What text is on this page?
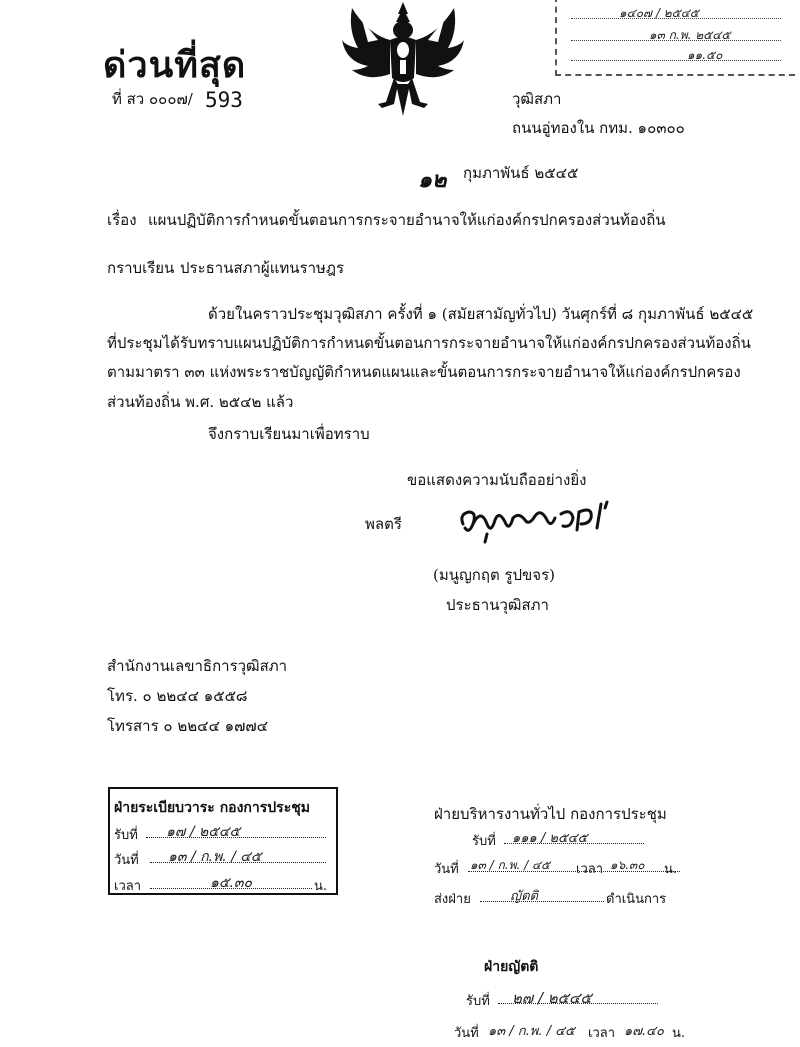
ด่วนที่สุด
๑๔๐๗ / ๒๕๔๕
๑๓ ก.พ. ๒๕๔๕
๑๑.๕๐
ที่ สว ๐๐๐๗/ 593	วุฒิสภา
ถนนอู่ทองใน กทม. ๑๐๓๐๐
๑๒ กุมภาพันธ์ ๒๕๔๕
เรื่อง แผนปฏิบัติการกำหนดขั้นตอนการกระจายอำนาจให้แก่องค์กรปกครองส่วนท้องถิ่น
กราบเรียน ประธานสภาผู้แทนราษฎร
ด้วยในคราวประชุมวุฒิสภา ครั้งที่ ๑ (สมัยสามัญทั่วไป) วันศุกร์ที่ ๘ กุมภาพันธ์ ๒๕๔๕
ที่ประชุมได้รับทราบแผนปฏิบัติการกำหนดขั้นตอนการกระจายอำนาจให้แก่องค์กรปกครองส่วนท้องถิ่น
ตามมาตรา ๓๓ แห่งพระราชบัญญัติกำหนดแผนและขั้นตอนการกระจายอำนาจให้แก่องค์กรปกครอง
ส่วนท้องถิ่น พ.ศ. ๒๕๔๒ แล้ว
จึงกราบเรียนมาเพื่อทราบ
ขอแสดงความนับถืออย่างยิ่ง
พลตรี
(มนูญกฤต รูปขจร)
ประธานวุฒิสภา
สำนักงานเลขาธิการวุฒิสภา
โทร. ๐ ๒๒๔๔ ๑๕๕๘
โทรสาร ๐ ๒๒๔๔ ๑๗๗๔
ฝ่ายระเบียบวาระ กองการประชุม
รับที่ ๑๗ / ๒๕๔๕
วันที่ ๑๓ / ก.พ. / ๔๕
เวลา	๑๕.๓๐	น.
ฝ่ายบริหารงานทั่วไป กองการประชุม
รับที่ ๑๑๑ / ๒๕๔๕
วันที่ ๑๓ / ก.พ. / ๔๕ เวลา ๑๖.๓๐ น.
ส่งฝ่าย	ญัตติ	ดำเนินการ
ฝ่ายญัตติ
รับที่ ๒๗ / ๒๕๔๕
วันที่ ๑๓ / ก.พ. / ๔๕ เวลา ๑๗.๔๐ น.
